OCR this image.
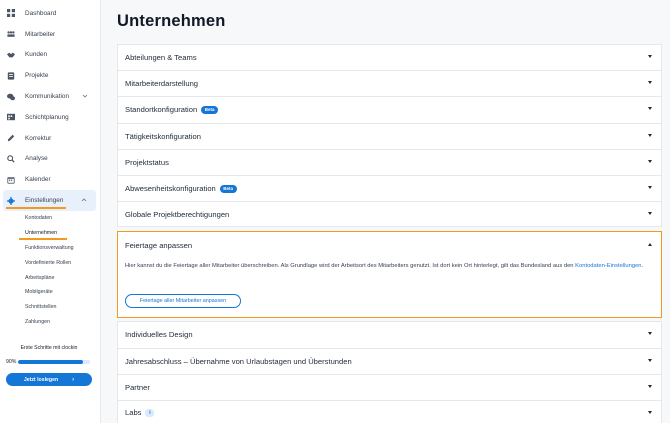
Dashboard
Mitarbeiter
Kunden
Projekte
Kommunikation
Schichtplanung
Korrektur
Analyse
Kalender
Einstellungen
Kontodaten
Unternehmen
Funktionsverwaltung
Vordefinierte Rollen
Arbeitspläne
Mobilgeräte
Schnittstellen
Zahlungen
Erste Schritte mit clockin
90%
Jetzt loslegen ›
Unternehmen
Abteilungen & Teams
Mitarbeiterdarstellung
Standortkonfiguration	Beta
Tätigkeitskonfiguration
Projektstatus
Abwesenheitskonfiguration	Beta
Globale Projektberechtigungen
Feiertage anpassen

Hier kannst du die Feiertage aller Mitarbeiter überschreiben. Als Grundlage wird der Arbeitsort des Mitarbeiters genutzt. Ist dort kein Ort hinterlegt, gilt das Bundesland aus den Kontodaten-Einstellungen.

Feiertage aller Mitarbeiter anpassen
Individuelles Design
Jahresabschluss – Übernahme von Urlaubstagen und Überstunden
Partner
Labs	i
